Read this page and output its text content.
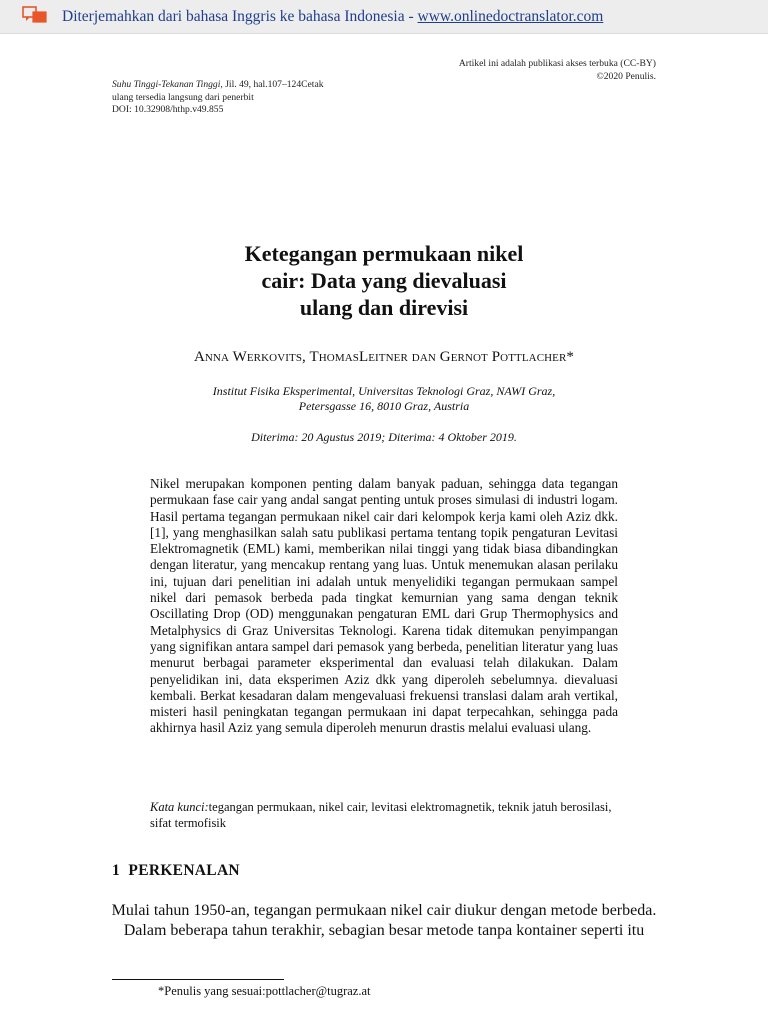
Diterjemahkan dari bahasa Inggris ke bahasa Indonesia - www.onlinedoctranslator.com
Artikel ini adalah publikasi akses terbuka (CC-BY)
©2020 Penulis.
Suhu Tinggi-Tekanan Tinggi, Jil. 49, hal.107–124Cetak
ulang tersedia langsung dari penerbit
DOI: 10.32908/hthp.v49.855
Ketegangan permukaan nikel
cair: Data yang dievaluasi
ulang dan direvisi
Anna Werkovits, ThomasLeitner dan Gernot Pottlacher*
Institut Fisika Eksperimental, Universitas Teknologi Graz, NAWI Graz,
Petersgasse 16, 8010 Graz, Austria
Diterima: 20 Agustus 2019; Diterima: 4 Oktober 2019.

Nikel merupakan komponen penting dalam banyak paduan, sehingga data tegangan permukaan fase cair yang andal sangat penting untuk proses simulasi di industri logam. Hasil pertama tegangan permukaan nikel cair dari kelompok kerja kami oleh Aziz dkk. [1], yang menghasilkan salah satu publikasi pertama tentang topik pengaturan Levitasi Elektromagnetik (EML) kami, memberikan nilai tinggi yang tidak biasa dibandingkan dengan literatur, yang mencakup rentang yang luas. Untuk menemukan alasan perilaku ini, tujuan dari penelitian ini adalah untuk menyelidiki tegangan permukaan sampel nikel dari pemasok berbeda pada tingkat kemurnian yang sama dengan teknik Oscillating Drop (OD) menggunakan pengaturan EML dari Grup Thermophysics and Metalphysics di Graz Universitas Teknologi. Karena tidak ditemukan penyimpangan yang signifikan antara sampel dari pemasok yang berbeda, penelitian literatur yang luas menurut berbagai parameter eksperimental dan evaluasi telah dilakukan. Dalam penyelidikan ini, data eksperimen Aziz dkk yang diperoleh sebelumnya. dievaluasi kembali. Berkat kesadaran dalam mengevaluasi frekuensi translasi dalam arah vertikal, misteri hasil peningkatan tegangan permukaan ini dapat terpecahkan, sehingga pada akhirnya hasil Aziz yang semula diperoleh menurun drastis melalui evaluasi ulang.

Kata kunci:tegangan permukaan, nikel cair, levitasi elektromagnetik, teknik jatuh berosilasi, sifat termofisik
1 PERKENALAN
Mulai tahun 1950-an, tegangan permukaan nikel cair diukur dengan metode berbeda. Dalam beberapa tahun terakhir, sebagian besar metode tanpa kontainer seperti itu
*Penulis yang sesuai:pottlacher@tugraz.at
